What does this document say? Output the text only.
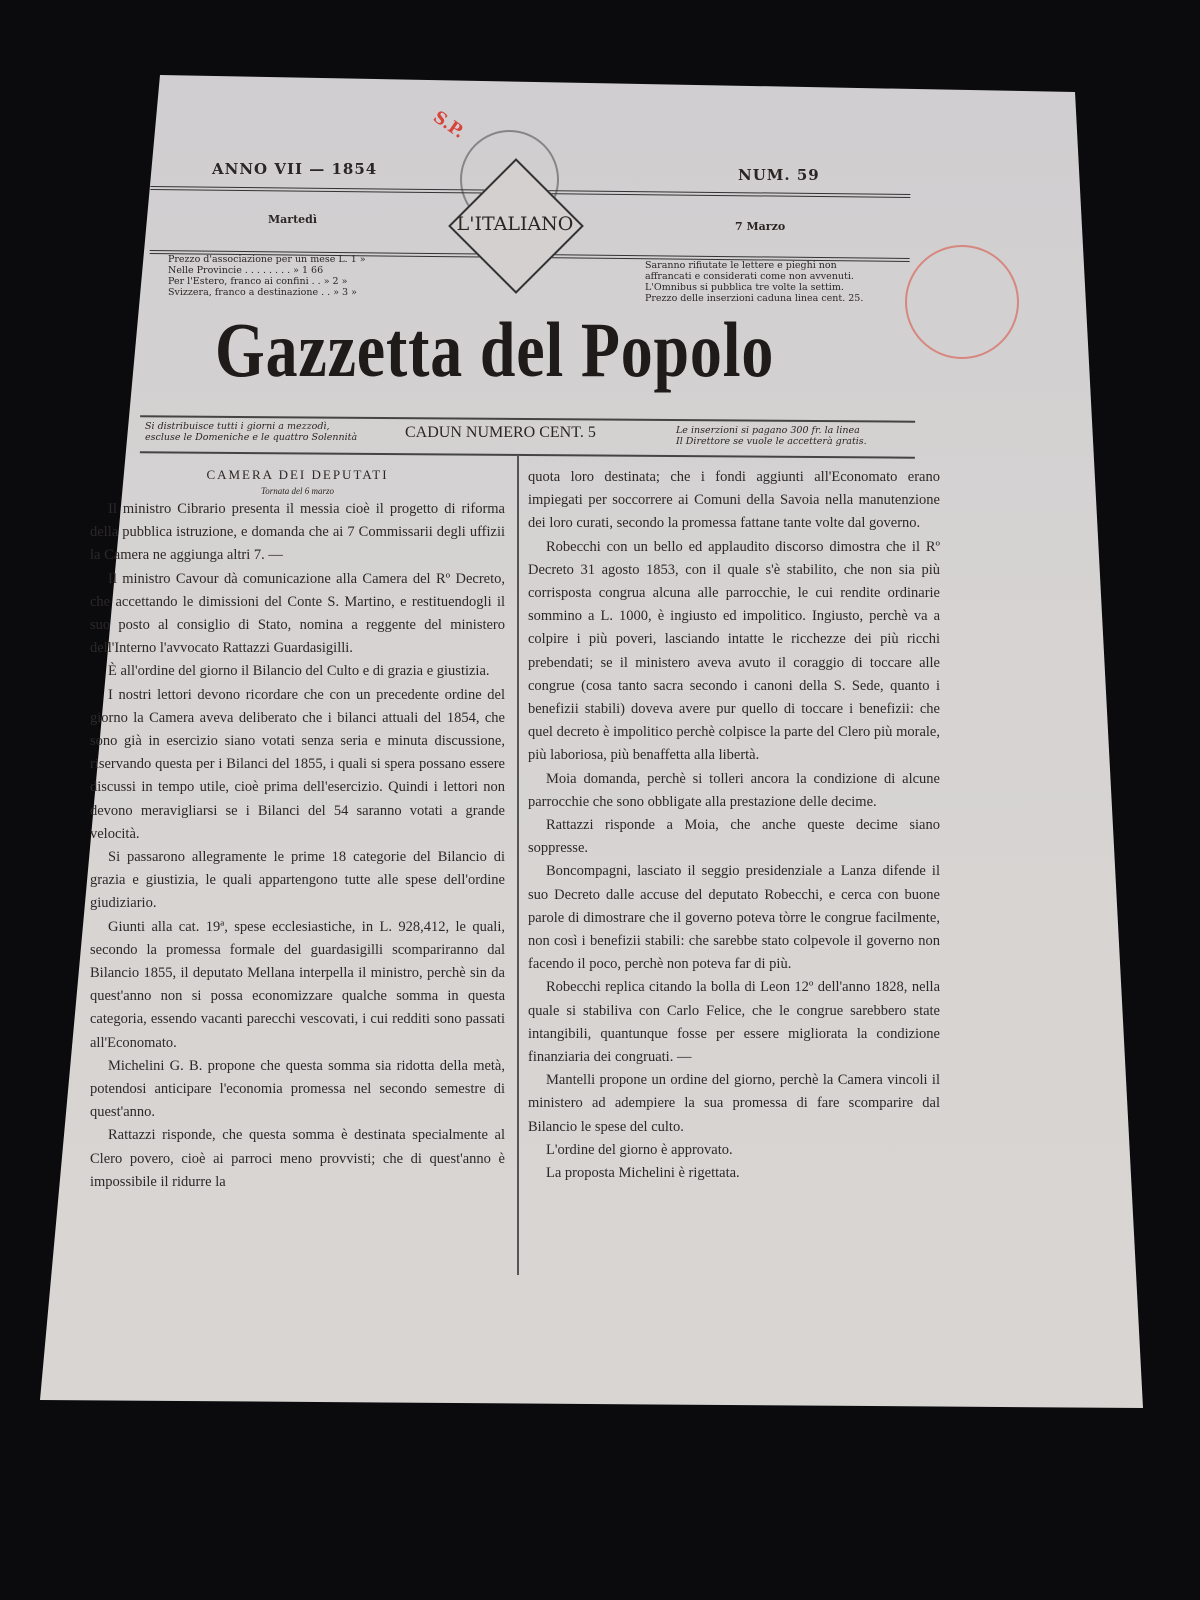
S.P.
ANNO VII — 1854	NUM. 59
Martedì
7 Marzo
L'ITALIANO
Prezzo d'associazione per un mese L. 1 »
Nelle Provincie . . . . . . . . » 1 66
Per l'Estero, franco ai confini . . » 2 »
Svizzera, franco a destinazione . . » 3 »
Saranno rifiutate le lettere e pieghi non
affrancati e considerati come non avvenuti.
L'Omnibus si pubblica tre volte la settim.
Prezzo delle inserzioni caduna linea cent. 25.
Gazzetta del Popolo
Si distribuisce tutti i giorni a mezzodì,
escluse le Domeniche e le quattro Solennità	CADUN NUMERO CENT. 5	Le inserzioni si pagano 300 fr. la linea
Il Direttore se vuole le accetterà gratis.
CAMERA DEI DEPUTATI
Tornata del 6 marzo

Il ministro Cibrario presenta il messia cioè il progetto di riforma della pubblica istruzione, e domanda che ai 7 Commissarii degli uffizii la Camera ne aggiunga altri 7. —

Il ministro Cavour dà comunicazione alla Camera del Rº Decreto, che accettando le dimissioni del Conte S. Martino, e restituendogli il suo posto al consiglio di Stato, nomina a reggente del ministero dell'Interno l'avvocato Rattazzi Guardasigilli.

È all'ordine del giorno il Bilancio del Culto e di grazia e giustizia.

I nostri lettori devono ricordare che con un precedente ordine del giorno la Camera aveva deliberato che i bilanci attuali del 1854, che sono già in esercizio siano votati senza seria e minuta discussione, riservando questa per i Bilanci del 1855, i quali si spera possano essere discussi in tempo utile, cioè prima dell'esercizio. Quindi i lettori non devono meravigliarsi se i Bilanci del 54 saranno votati a grande velocità.

Si passarono allegramente le prime 18 categorie del Bilancio di grazia e giustizia, le quali appartengono tutte alle spese dell'ordine giudiziario.

Giunti alla cat. 19ª, spese ecclesiastiche, in L. 928,412, le quali, secondo la promessa formale del guardasigilli scompariranno dal Bilancio 1855, il deputato Mellana interpella il ministro, perchè sin da quest'anno non si possa economizzare qualche somma in questa categoria, essendo vacanti parecchi vescovati, i cui redditi sono passati all'Economato.

Michelini G. B. propone che questa somma sia ridotta della metà, potendosi anticipare l'economia promessa nel secondo semestre di quest'anno.

Rattazzi risponde, che questa somma è destinata specialmente al Clero povero, cioè ai parroci meno provvisti; che di quest'anno è impossibile il ridurre la

quota loro destinata; che i fondi aggiunti all'Economato erano impiegati per soccorrere ai Comuni della Savoia nella manutenzione dei loro curati, secondo la promessa fattane tante volte dal governo.

Robecchi con un bello ed applaudito discorso dimostra che il Rº Decreto 31 agosto 1853, con il quale s'è stabilito, che non sia più corrisposta congrua alcuna alle parrocchie, le cui rendite ordinarie sommino a L. 1000, è ingiusto ed impolitico. Ingiusto, perchè va a colpire i più poveri, lasciando intatte le ricchezze dei più ricchi prebendati; se il ministero aveva avuto il coraggio di toccare alle congrue (cosa tanto sacra secondo i canoni della S. Sede, quanto i benefizii stabili) doveva avere pur quello di toccare i benefizii: che quel decreto è impolitico perchè colpisce la parte del Clero più morale, più laboriosa, più benaffetta alla libertà.

Moia domanda, perchè si tolleri ancora la condizione di alcune parrocchie che sono obbligate alla prestazione delle decime.

Rattazzi risponde a Moia, che anche queste decime siano soppresse.

Boncompagni, lasciato il seggio presidenziale a Lanza difende il suo Decreto dalle accuse del deputato Robecchi, e cerca con buone parole di dimostrare che il governo poteva tòrre le congrue facilmente, non così i benefizii stabili: che sarebbe stato colpevole il governo non facendo il poco, perchè non poteva far di più.

Robecchi replica citando la bolla di Leon 12º dell'anno 1828, nella quale si stabiliva con Carlo Felice, che le congrue sarebbero state intangibili, quantunque fosse per essere migliorata la condizione finanziaria dei congruati. —

Mantelli propone un ordine del giorno, perchè la Camera vincoli il ministero ad adempiere la sua promessa di fare scomparire dal Bilancio le spese del culto.

L'ordine del giorno è approvato.

La proposta Michelini è rigettata.
